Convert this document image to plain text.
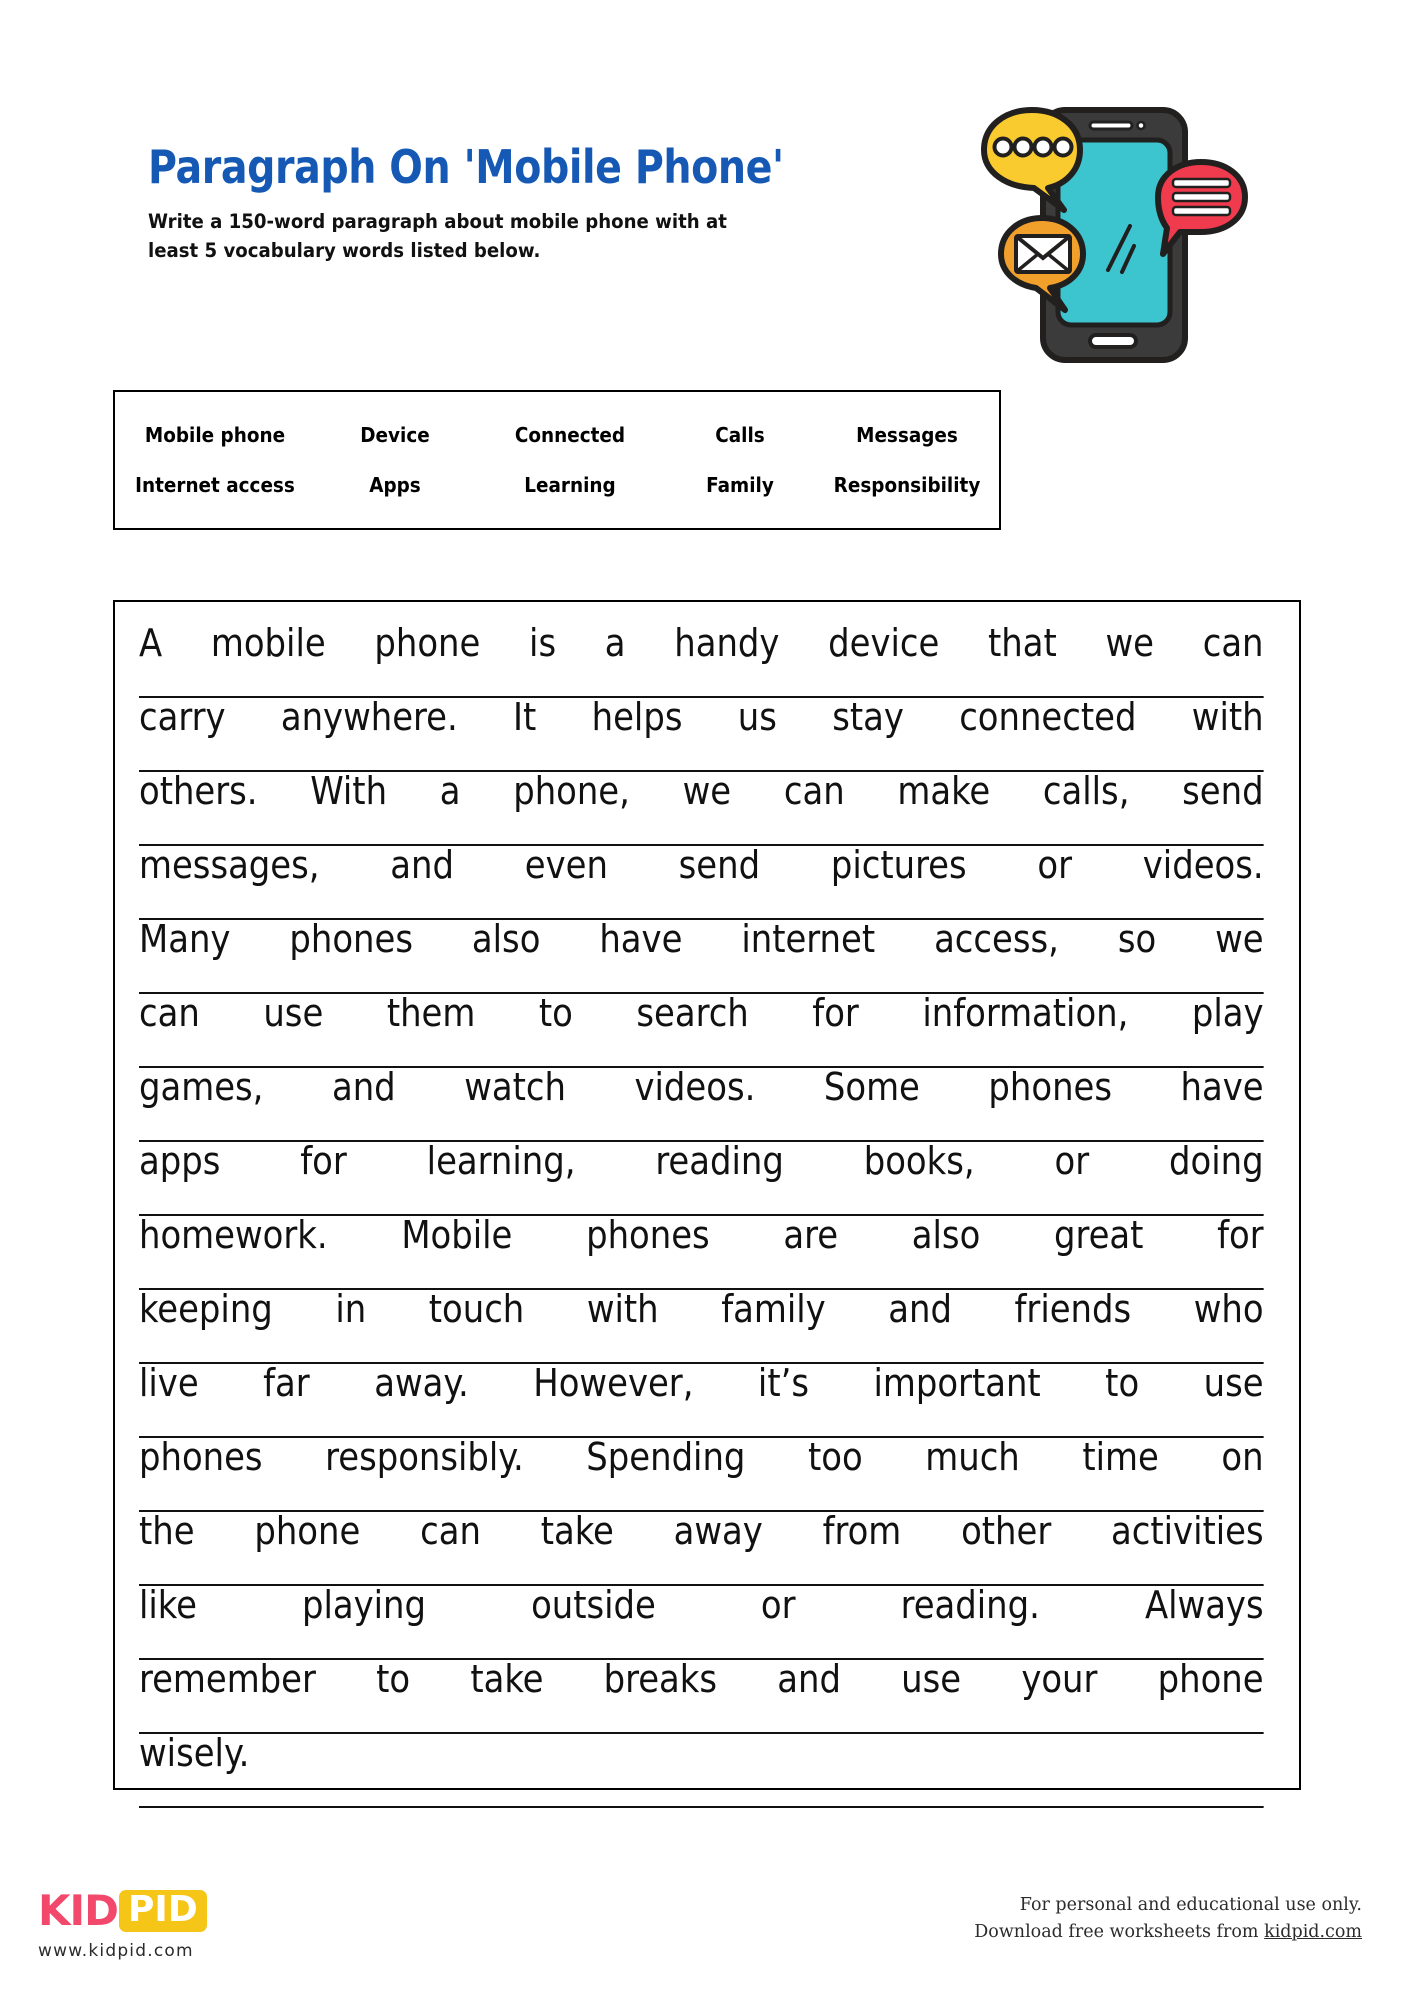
Paragraph On 'Mobile Phone'

Write a 150-word paragraph about mobile phone with at
least 5 vocabulary words listed below.

Mobile phone	Device	Connected	Calls	Messages
Internet access	Apps	Learning	Family	Responsibility
A mobile phone is a handy device that we can
carry anywhere. It helps us stay connected with
others. With a phone, we can make calls, send
messages, and even send pictures or videos.
Many phones also have internet access, so we
can use them to search for information, play
games, and watch videos. Some phones have
apps for learning, reading books, or doing
homework. Mobile phones are also great for
keeping in touch with family and friends who
live far away. However, it’s important to use
phones responsibly. Spending too much time on
the phone can take away from other activities
like	playing	outside	or	reading.	Always
remember to take breaks and use your phone
wisely.
KID PID
www.kidpid.com
For personal and educational use only.
Download free worksheets from kidpid.com
